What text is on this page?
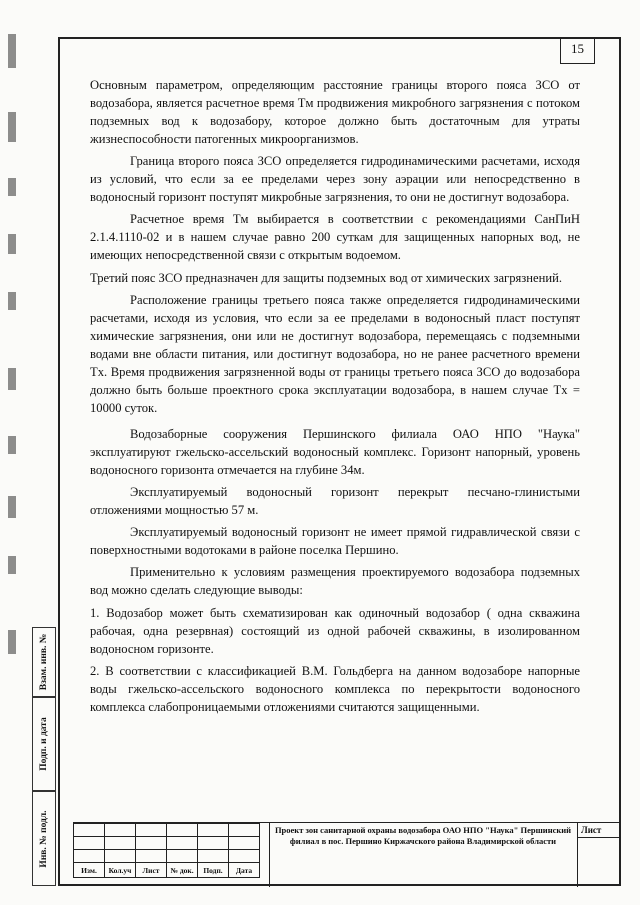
15
Взам. инв. №
Подп. и дата
Инв. № подл.

Основным параметром, определяющим расстояние границы второго пояса ЗСО от водозабора, является расчетное время Tм продвижения микробного загрязнения с потоком подземных вод к водозабору, которое должно быть достаточным для утраты жизнеспособности патогенных микроорганизмов.

Граница второго пояса ЗСО определяется гидродинамическими расчетами, исходя из условий, что если за ее пределами через зону аэрации или непосредственно в водоносный горизонт поступят микробные загрязнения, то они не достигнут водозабора.

Расчетное время Tм выбирается в соответствии с рекомендациями СанПиН 2.1.4.1110-02 и в нашем случае равно 200 суткам для защищенных напорных вод, не имеющих непосредственной связи с открытым водоемом.

Третий пояс ЗСО предназначен для защиты подземных вод от химических загрязнений.

Расположение границы третьего пояса также определяется гидродинамическими расчетами, исходя из условия, что если за ее пределами в водоносный пласт поступят химические загрязнения, они или не достигнут водозабора, перемещаясь с подземными водами вне области питания, или достигнут водозабора, но не ранее расчетного времени Tх. Время продвижения загрязненной воды от границы третьего пояса ЗСО до водозабора должно быть больше проектного срока эксплуатации водозабора, в нашем случае Tх = 10000 суток.

Водозаборные сооружения Першинского филиала ОАО НПО "Наука" эксплуатируют гжельско-ассельский водоносный комплекс. Горизонт напорный, уровень водоносного горизонта отмечается на глубине 34м.

Эксплуатируемый водоносный горизонт перекрыт песчано-глинистыми отложениями мощностью 57 м.

Эксплуатируемый водоносный горизонт не имеет прямой гидравлической связи с поверхностными водотоками в районе поселка Першино.

Применительно к условиям размещения проектируемого водозабора подземных вод можно сделать следующие выводы:

1. Водозабор может быть схематизирован как одиночный водозабор ( одна скважина рабочая, одна резервная) состоящий из одной рабочей скважины, в изолированном водоносном горизонте.

2. В соответствии с классификацией В.М. Гольдберга на данном водозаборе напорные воды гжельско-ассельского водоносного комплекса по перекрытости водоносного комплекса слабопроницаемыми отложениями считаются защищенными.

Изм.	Кол.уч	Лист	№ док.	Подп.	Дата
Проект зон санитарной охраны водозабора ОАО НПО "Наука" Першинский филиал в пос. Першино Киржачского района Владимирской области
Лист
